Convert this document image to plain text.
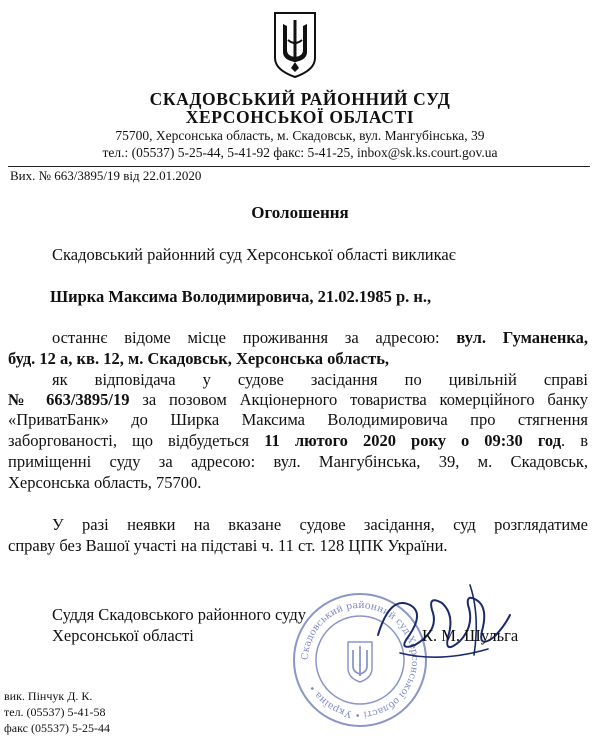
СКАДОВСЬКИЙ РАЙОННИЙ СУД
ХЕРСОНСЬКОЇ ОБЛАСТІ
75700, Херсонська область, м. Скадовськ, вул. Мангубінська, 39
тел.: (05537) 5-25-44, 5-41-92 факс: 5-41-25, inbox@sk.ks.court.gov.ua
Вих. № 663/3895/19 від 22.01.2020
Оголошення
Скадовський районний суд Херсонської області викликає
Ширка Максима Володимировича, 21.02.1985 р. н.,
останнє відоме місце проживання за адресою: вул. Гуманенка,
буд. 12 а, кв. 12, м. Скадовськ, Херсонська область,
як відповідача у судове засідання по цивільній справі
№ 663/3895/19 за позовом Акціонерного товариства комерційного банку
«ПриватБанк» до Ширка Максима Володимировича про стягнення
заборгованості, що відбудеться 11 лютого 2020 року о 09:30 год. в
приміщенні суду за адресою: вул. Мангубінська, 39, м. Скадовськ,
Херсонська область, 75700.
У разі неявки на вказане судове засідання, суд розглядатиме
справу без Вашої участі на підставі ч. 11 ст. 128 ЦПК України.
Скадовський районний суд Херсонської області • Україна •
Суддя Скадовського районного суду
Херсонської області	К. М. Шульга
вик. Пінчук Д. К.
тел. (05537) 5-41-58
факс (05537) 5-25-44
